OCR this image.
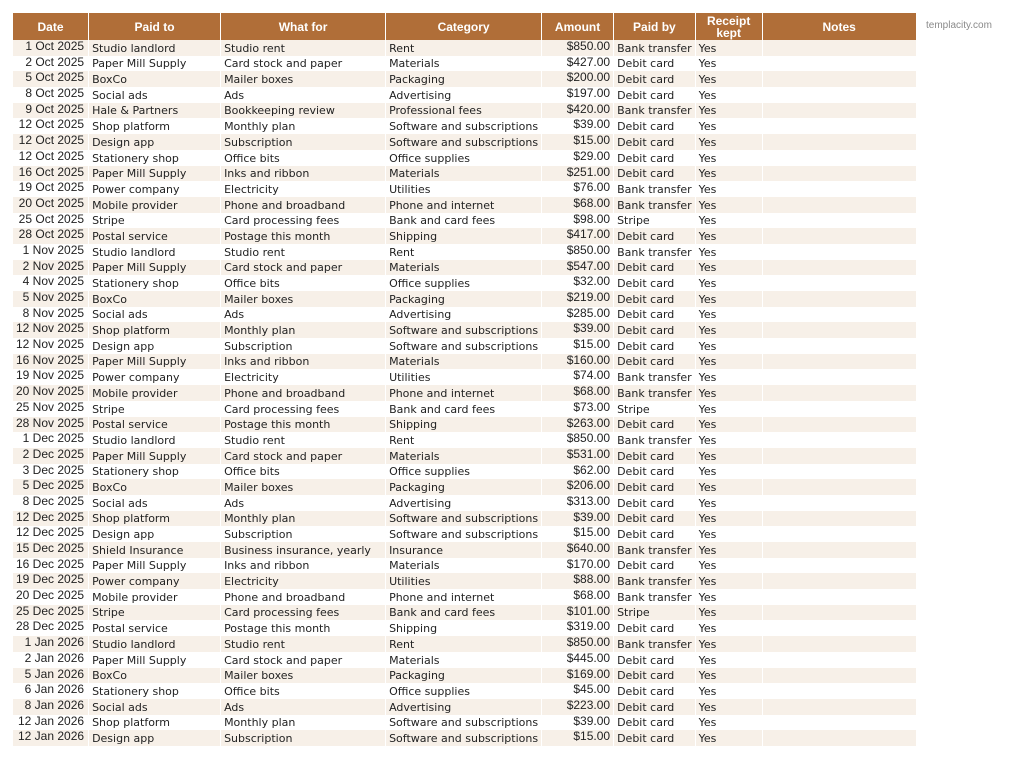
Date	Paid to	What for	Category	Amount	Paid by	Receipt kept	Notes
1 Oct 2025	Studio landlord	Studio rent	Rent	$850.00	Bank transfer	Yes	
2 Oct 2025	Paper Mill Supply	Card stock and paper	Materials	$427.00	Debit card	Yes	
5 Oct 2025	BoxCo	Mailer boxes	Packaging	$200.00	Debit card	Yes	
8 Oct 2025	Social ads	Ads	Advertising	$197.00	Debit card	Yes	
9 Oct 2025	Hale & Partners	Bookkeeping review	Professional fees	$420.00	Bank transfer	Yes	
12 Oct 2025	Shop platform	Monthly plan	Software and subscriptions	$39.00	Debit card	Yes	
12 Oct 2025	Design app	Subscription	Software and subscriptions	$15.00	Debit card	Yes	
12 Oct 2025	Stationery shop	Office bits	Office supplies	$29.00	Debit card	Yes	
16 Oct 2025	Paper Mill Supply	Inks and ribbon	Materials	$251.00	Debit card	Yes	
19 Oct 2025	Power company	Electricity	Utilities	$76.00	Bank transfer	Yes	
20 Oct 2025	Mobile provider	Phone and broadband	Phone and internet	$68.00	Bank transfer	Yes	
25 Oct 2025	Stripe	Card processing fees	Bank and card fees	$98.00	Stripe	Yes	
28 Oct 2025	Postal service	Postage this month	Shipping	$417.00	Debit card	Yes	
1 Nov 2025	Studio landlord	Studio rent	Rent	$850.00	Bank transfer	Yes	
2 Nov 2025	Paper Mill Supply	Card stock and paper	Materials	$547.00	Debit card	Yes	
4 Nov 2025	Stationery shop	Office bits	Office supplies	$32.00	Debit card	Yes	
5 Nov 2025	BoxCo	Mailer boxes	Packaging	$219.00	Debit card	Yes	
8 Nov 2025	Social ads	Ads	Advertising	$285.00	Debit card	Yes	
12 Nov 2025	Shop platform	Monthly plan	Software and subscriptions	$39.00	Debit card	Yes	
12 Nov 2025	Design app	Subscription	Software and subscriptions	$15.00	Debit card	Yes	
16 Nov 2025	Paper Mill Supply	Inks and ribbon	Materials	$160.00	Debit card	Yes	
19 Nov 2025	Power company	Electricity	Utilities	$74.00	Bank transfer	Yes	
20 Nov 2025	Mobile provider	Phone and broadband	Phone and internet	$68.00	Bank transfer	Yes	
25 Nov 2025	Stripe	Card processing fees	Bank and card fees	$73.00	Stripe	Yes	
28 Nov 2025	Postal service	Postage this month	Shipping	$263.00	Debit card	Yes	
1 Dec 2025	Studio landlord	Studio rent	Rent	$850.00	Bank transfer	Yes	
2 Dec 2025	Paper Mill Supply	Card stock and paper	Materials	$531.00	Debit card	Yes	
3 Dec 2025	Stationery shop	Office bits	Office supplies	$62.00	Debit card	Yes	
5 Dec 2025	BoxCo	Mailer boxes	Packaging	$206.00	Debit card	Yes	
8 Dec 2025	Social ads	Ads	Advertising	$313.00	Debit card	Yes	
12 Dec 2025	Shop platform	Monthly plan	Software and subscriptions	$39.00	Debit card	Yes	
12 Dec 2025	Design app	Subscription	Software and subscriptions	$15.00	Debit card	Yes	
15 Dec 2025	Shield Insurance	Business insurance, yearly	Insurance	$640.00	Bank transfer	Yes	
16 Dec 2025	Paper Mill Supply	Inks and ribbon	Materials	$170.00	Debit card	Yes	
19 Dec 2025	Power company	Electricity	Utilities	$88.00	Bank transfer	Yes	
20 Dec 2025	Mobile provider	Phone and broadband	Phone and internet	$68.00	Bank transfer	Yes	
25 Dec 2025	Stripe	Card processing fees	Bank and card fees	$101.00	Stripe	Yes	
28 Dec 2025	Postal service	Postage this month	Shipping	$319.00	Debit card	Yes	
1 Jan 2026	Studio landlord	Studio rent	Rent	$850.00	Bank transfer	Yes	
2 Jan 2026	Paper Mill Supply	Card stock and paper	Materials	$445.00	Debit card	Yes	
5 Jan 2026	BoxCo	Mailer boxes	Packaging	$169.00	Debit card	Yes	
6 Jan 2026	Stationery shop	Office bits	Office supplies	$45.00	Debit card	Yes	
8 Jan 2026	Social ads	Ads	Advertising	$223.00	Debit card	Yes	
12 Jan 2026	Shop platform	Monthly plan	Software and subscriptions	$39.00	Debit card	Yes	
12 Jan 2026	Design app	Subscription	Software and subscriptions	$15.00	Debit card	Yes	
templacity.com
